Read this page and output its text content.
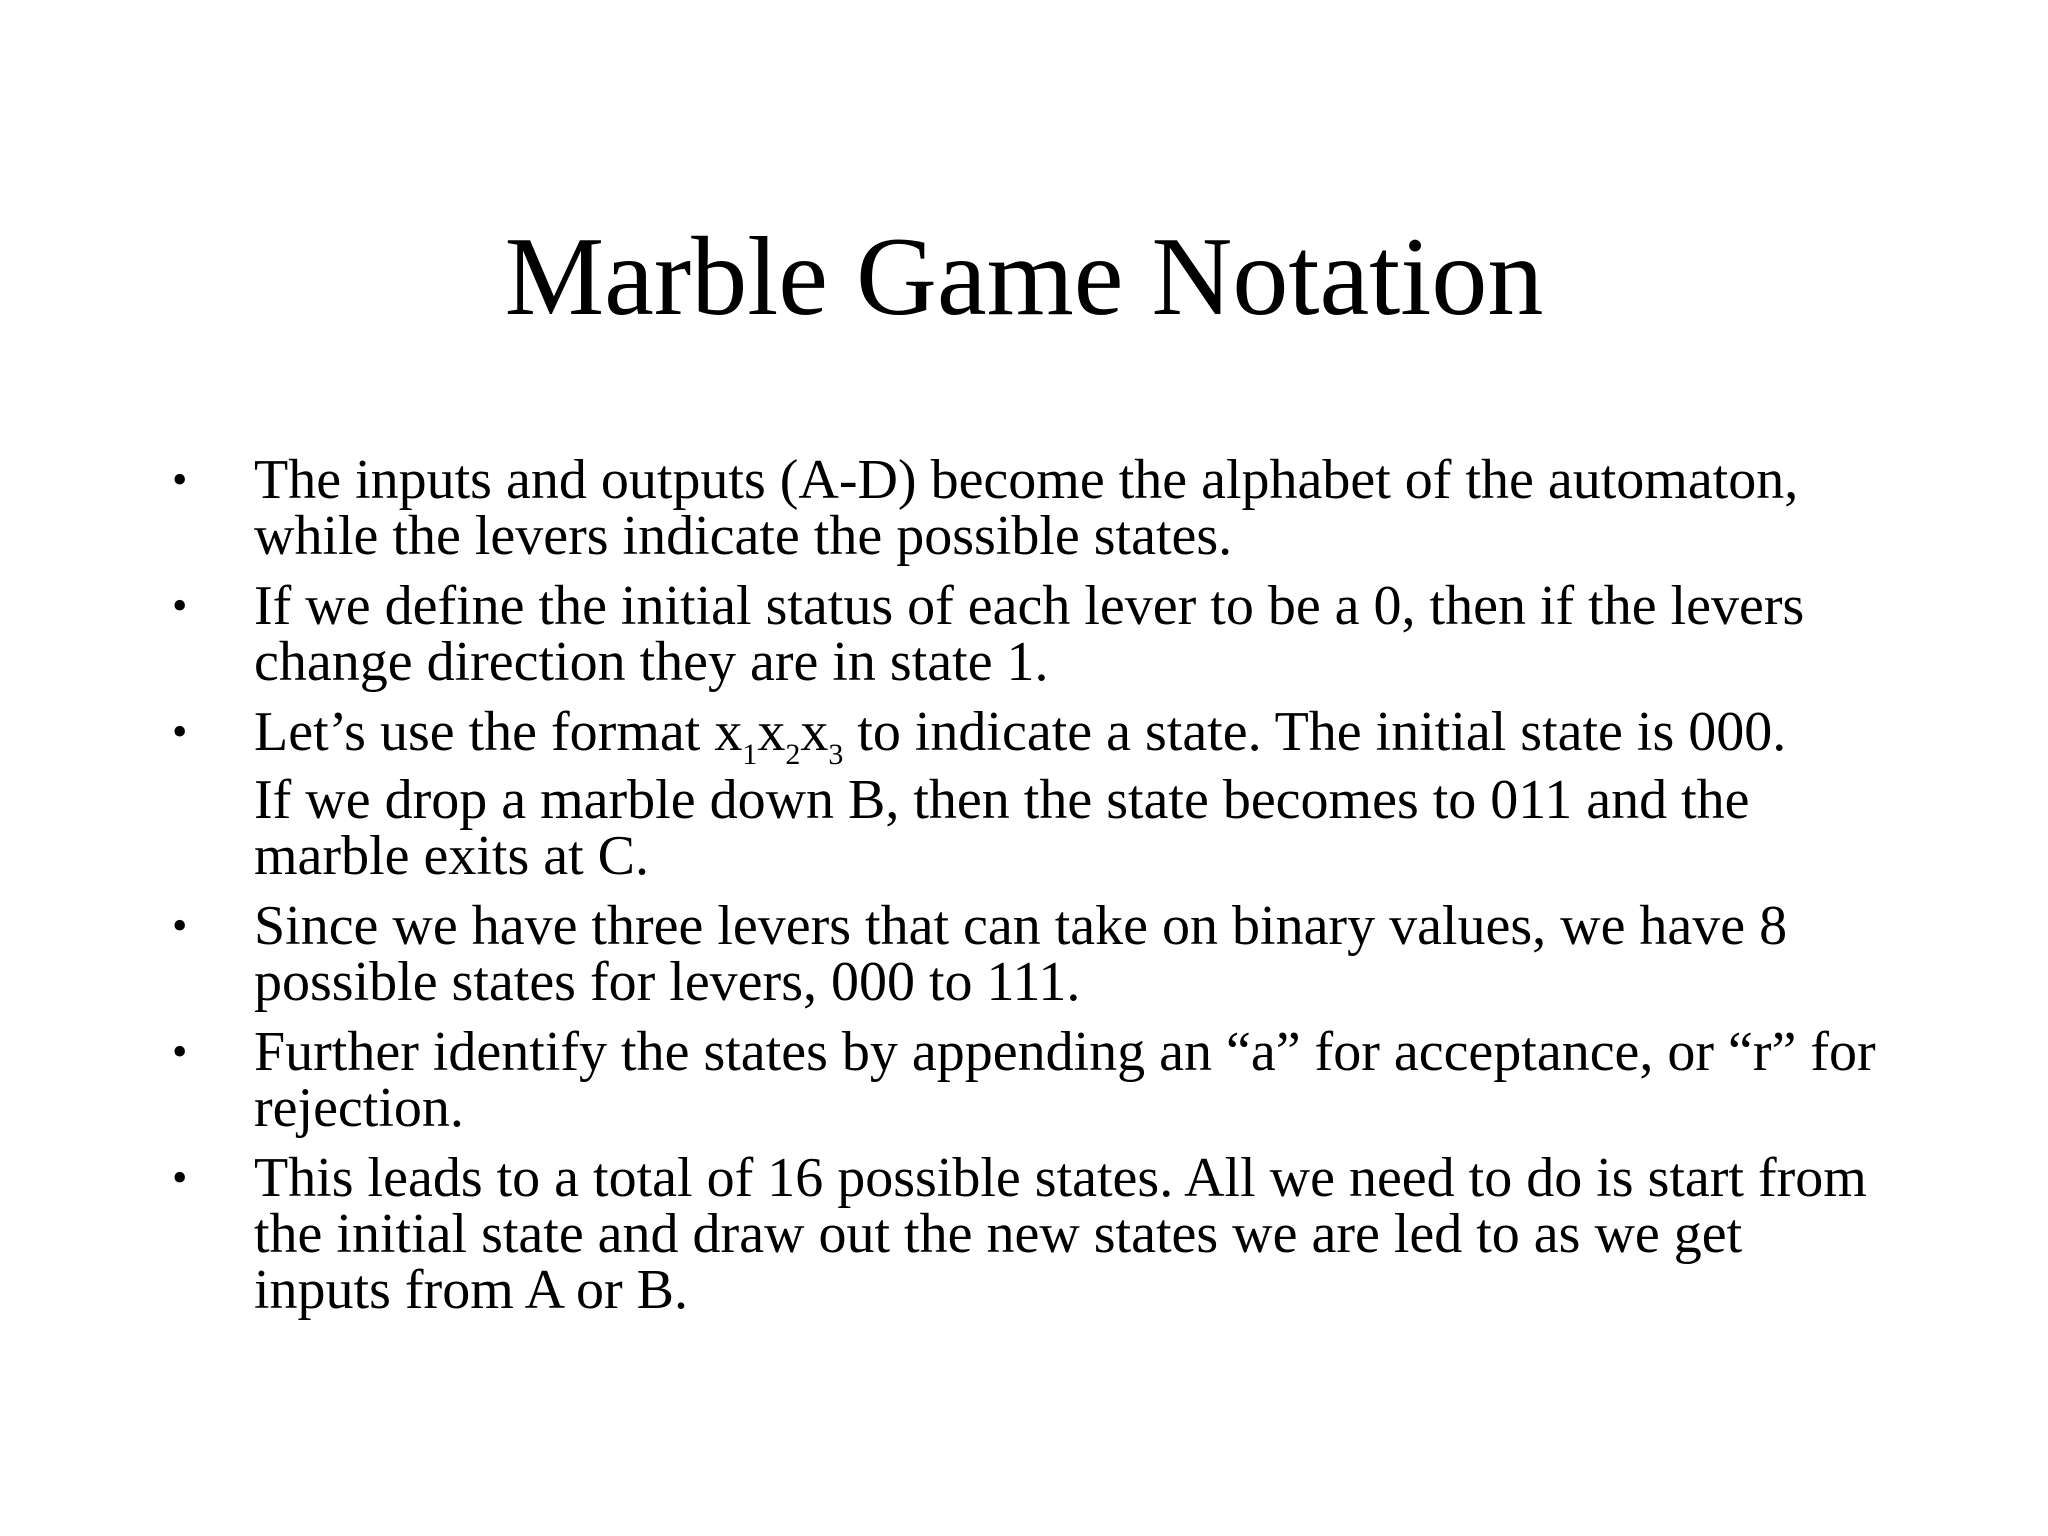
Marble Game Notation
• The inputs and outputs (A-D) become the alphabet of the automaton, while the levers indicate the possible states.
• If we define the initial status of each lever to be a 0, then if the levers change direction they are in state 1.
• Let’s use the format $x_1x_2x_3$ to indicate a state. The initial state is 000.
If we drop a marble down B, then the state becomes to 011 and the marble exits at C.
• Since we have three levers that can take on binary values, we have 8 possible states for levers, 000 to 111.
• Further identify the states by appending an “a” for acceptance, or “r” for rejection.
• This leads to a total of 16 possible states. All we need to do is start from the initial state and draw out the new states we are led to as we get inputs from A or B.
